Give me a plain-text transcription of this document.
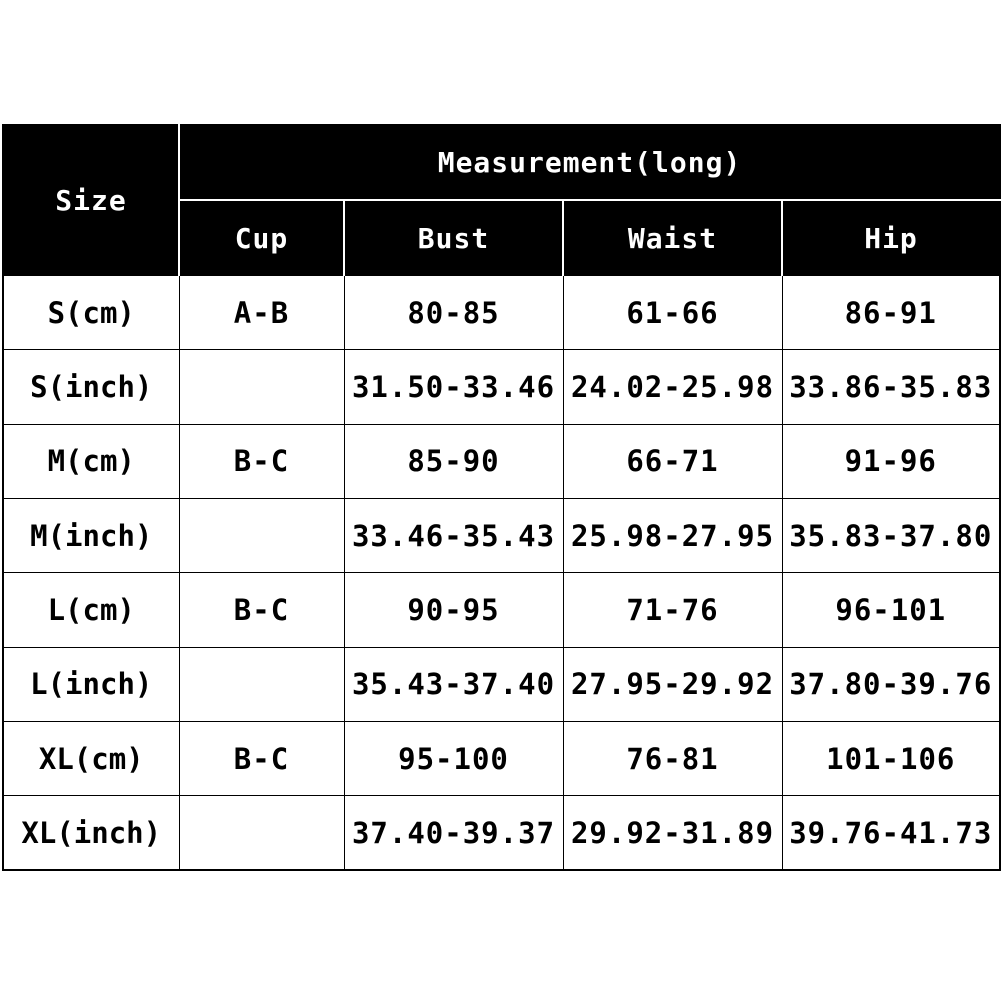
Size	Measurement(long)			
	Cup	Bust	Waist	Hip
S(cm)	A-B	80-85	61-66	86-91
S(inch)		31.50-33.46	24.02-25.98	33.86-35.83
M(cm)	B-C	85-90	66-71	91-96
M(inch)		33.46-35.43	25.98-27.95	35.83-37.80
L(cm)	B-C	90-95	71-76	96-101
L(inch)		35.43-37.40	27.95-29.92	37.80-39.76
XL(cm)	B-C	95-100	76-81	101-106
XL(inch)		37.40-39.37	29.92-31.89	39.76-41.73
